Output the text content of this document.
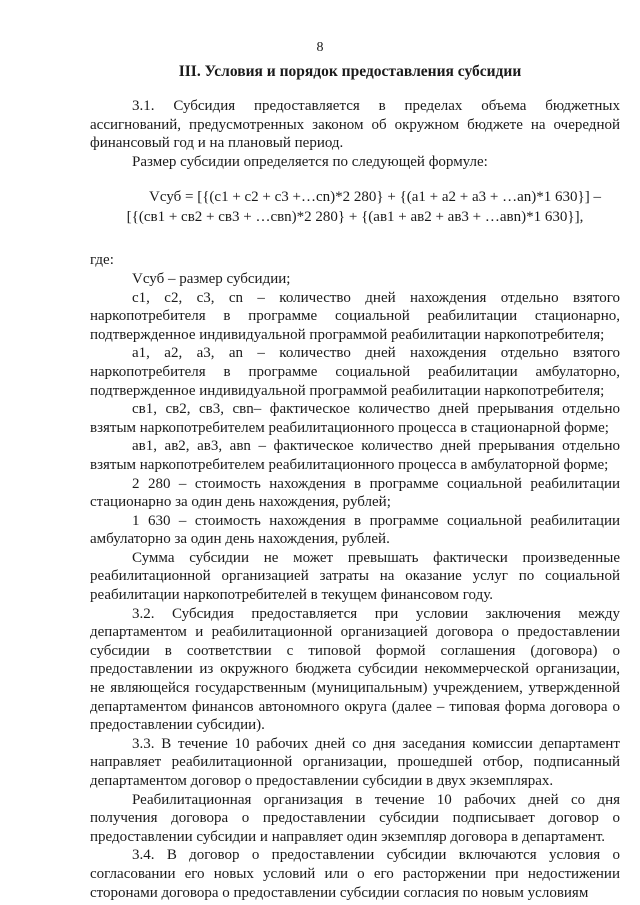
8
III. Условия и порядок предоставления субсидии

3.1. Субсидия предоставляется в пределах объема бюджетных ассигнований, предусмотренных законом об окружном бюджете на очередной финансовый год и на плановый период.

Размер субсидии определяется по следующей формуле:

Vсуб = [{(c1 + c2 + c3 +…cn)*2 280} + {(a1 + a2 + a3 + …an)*1 630}] –
[{(св1 + св2 + св3 + …свn)*2 280} + {(ав1 + ав2 + ав3 + …авn)*1 630}],

где:

Vсуб – размер субсидии;

с1, с2, с3, сn – количество дней нахождения отдельно взятого наркопотребителя в программе социальной реабилитации стационарно, подтвержденное индивидуальной программой реабилитации наркопотребителя;

а1, а2, а3, аn – количество дней нахождения отдельно взятого наркопотребителя в программе социальной реабилитации амбулаторно, подтвержденное индивидуальной программой реабилитации наркопотребителя;

св1, св2, св3, свn– фактическое количество дней прерывания отдельно взятым наркопотребителем реабилитационного процесса в стационарной форме;

ав1, ав2, ав3, авn – фактическое количество дней прерывания отдельно взятым наркопотребителем реабилитационного процесса в амбулаторной форме;

2 280 – стоимость нахождения в программе социальной реабилитации стационарно за один день нахождения, рублей;

1 630 – стоимость нахождения в программе социальной реабилитации амбулаторно за один день нахождения, рублей.

Сумма субсидии не может превышать фактически произведенные реабилитационной организацией затраты на оказание услуг по социальной реабилитации наркопотребителей в текущем финансовом году.

3.2. Субсидия предоставляется при условии заключения между департаментом и реабилитационной организацией договора о предоставлении субсидии в соответствии с типовой формой соглашения (договора) о предоставлении из окружного бюджета субсидии некоммерческой организации, не являющейся государственным (муниципальным) учреждением, утвержденной департаментом финансов автономного округа (далее – типовая форма договора о предоставлении субсидии).

3.3. В течение 10 рабочих дней со дня заседания комиссии департамент направляет реабилитационной организации, прошедшей отбор, подписанный департаментом договор о предоставлении субсидии в двух экземплярах.

Реабилитационная организация в течение 10 рабочих дней со дня получения договора о предоставлении субсидии подписывает договор о предоставлении субсидии и направляет один экземпляр договора в департамент.

3.4. В договор о предоставлении субсидии включаются условия о согласовании его новых условий или о его расторжении при недостижении сторонами договора о предоставлении субсидии согласия по новым условиям
